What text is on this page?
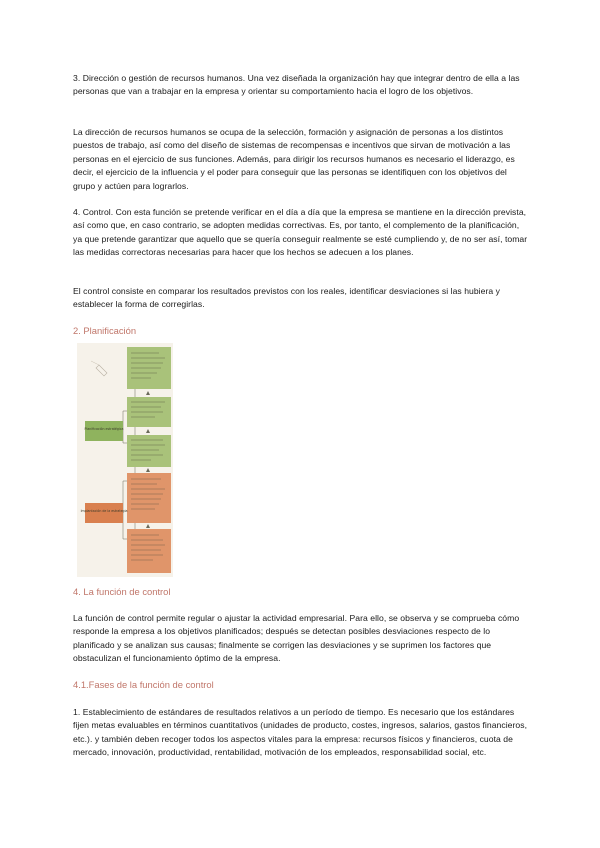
3. Dirección o gestión de recursos humanos. Una vez diseñada la organización hay que integrar dentro de ella a las personas que van a trabajar en la empresa y orientar su comportamiento hacia el logro de los objetivos.

La dirección de recursos humanos se ocupa de la selección, formación y asignación de personas a los distintos puestos de trabajo, así como del diseño de sistemas de recompensas e incentivos que sirvan de motivación a las personas en el ejercicio de sus funciones. Además, para dirigir los recursos humanos es necesario el liderazgo, es decir, el ejercicio de la influencia y el poder para conseguir que las personas se identifiquen con los objetivos del grupo y actúen para lograrlos.

4. Control. Con esta función se pretende verificar en el día a día que la empresa se mantiene en la dirección prevista, así como que, en caso contrario, se adopten medidas correctivas. Es, por tanto, el complemento de la planificación, ya que pretende garantizar que aquello que se quería conseguir realmente se esté cumpliendo y, de no ser así, tomar las medidas correctoras necesarias para hacer que los hechos se adecuen a los planes.

El control consiste en comparar los resultados previstos con los reales, identificar desviaciones si las hubiera y establecer la forma de corregirlas.

2. Planificación
Planificación estratégica
Implantación de la estrategia
4. La función de control

La función de control permite regular o ajustar la actividad empresarial. Para ello, se observa y se comprueba cómo responde la empresa a los objetivos planificados; después se detectan posibles desviaciones respecto de lo planificado y se analizan sus causas; finalmente se corrigen las desviaciones y se suprimen los factores que obstaculizan el funcionamiento óptimo de la empresa.

4.1.Fases de la función de control

1. Establecimiento de estándares de resultados relativos a un período de tiempo. Es necesario que los estándares fijen metas evaluables en términos cuantitativos (unidades de producto, costes, ingresos, salarios, gastos financieros, etc.). y también deben recoger todos los aspectos vitales para la empresa: recursos físicos y financieros, cuota de mercado, innovación, productividad, rentabilidad, motivación de los empleados, responsabilidad social, etc.
